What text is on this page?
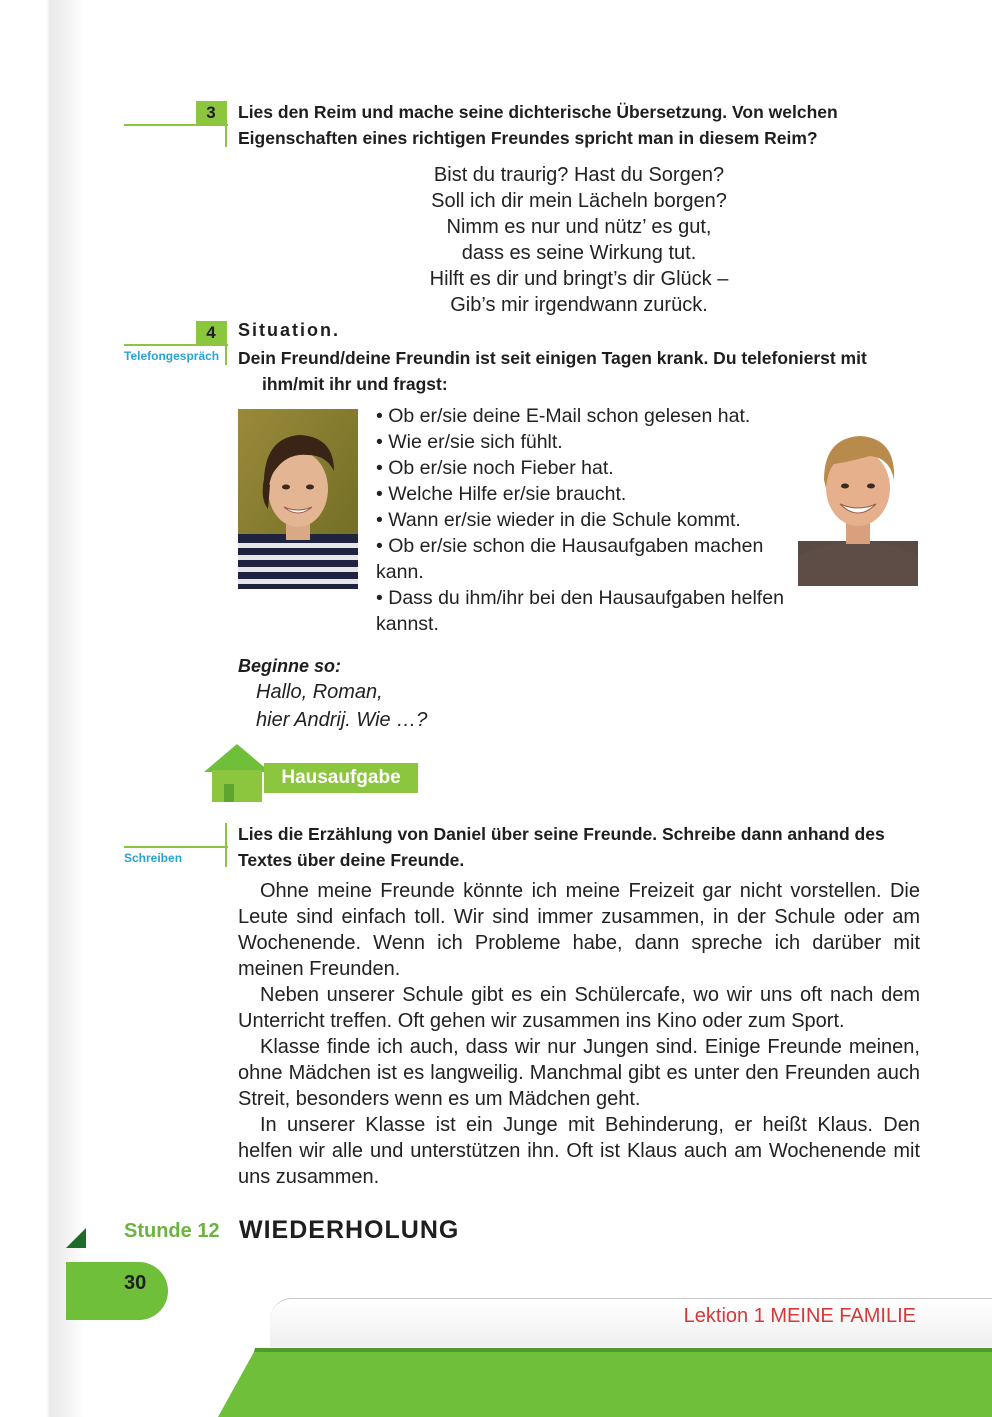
3	Lies den Reim und mache seine dichterische Übersetzung. Von welchen
Eigenschaften eines richtigen Freundes spricht man in diesem Reim?
Bist du traurig? Hast du Sorgen?
Soll ich dir mein Lächeln borgen?
Nimm es nur und nütz’ es gut,
dass es seine Wirkung tut.
Hilft es dir und bringt’s dir Glück –
Gib’s mir irgendwann zurück.
4
Telefongespräch
Situation.
Dein Freund/deine Freundin ist seit einigen Tagen krank. Du telefonierst mit
ihm/mit ihr und fragst:
• Ob er/sie deine E-Mail schon gelesen hat.
• Wie er/sie sich fühlt.
• Ob er/sie noch Fieber hat.
• Welche Hilfe er/sie braucht.
• Wann er/sie wieder in die Schule kommt.
• Ob er/sie schon die Hausaufgaben machen kann.
• Dass du ihm/ihr bei den Hausaufgaben helfen kannst.
Beginne so:
Hallo, Roman,
hier Andrij. Wie …?
Hausaufgabe
Schreiben
Lies die Erzählung von Daniel über seine Freunde. Schreibe dann anhand des
Textes über deine Freunde.

Ohne meine Freunde könnte ich meine Freizeit gar nicht vorstellen. Die Leute sind einfach toll. Wir sind immer zusammen, in der Schule oder am Wochenende. Wenn ich Probleme habe, dann spreche ich darüber mit meinen Freunden.

Neben unserer Schule gibt es ein Schülercafe, wo wir uns oft nach dem Unterricht treffen. Oft gehen wir zusammen ins Kino oder zum Sport.

Klasse finde ich auch, dass wir nur Jungen sind. Einige Freunde meinen, ohne Mädchen ist es langweilig. Manchmal gibt es unter den Freunden auch Streit, besonders wenn es um Mädchen geht.

In unserer Klasse ist ein Junge mit Behinderung, er heißt Klaus. Den helfen wir alle und unterstützen ihn. Oft ist Klaus auch am Wochenende mit uns zusammen.

Stunde 12 WIEDERHOLUNG
30
Lektion 1 MEINE FAMILIE
